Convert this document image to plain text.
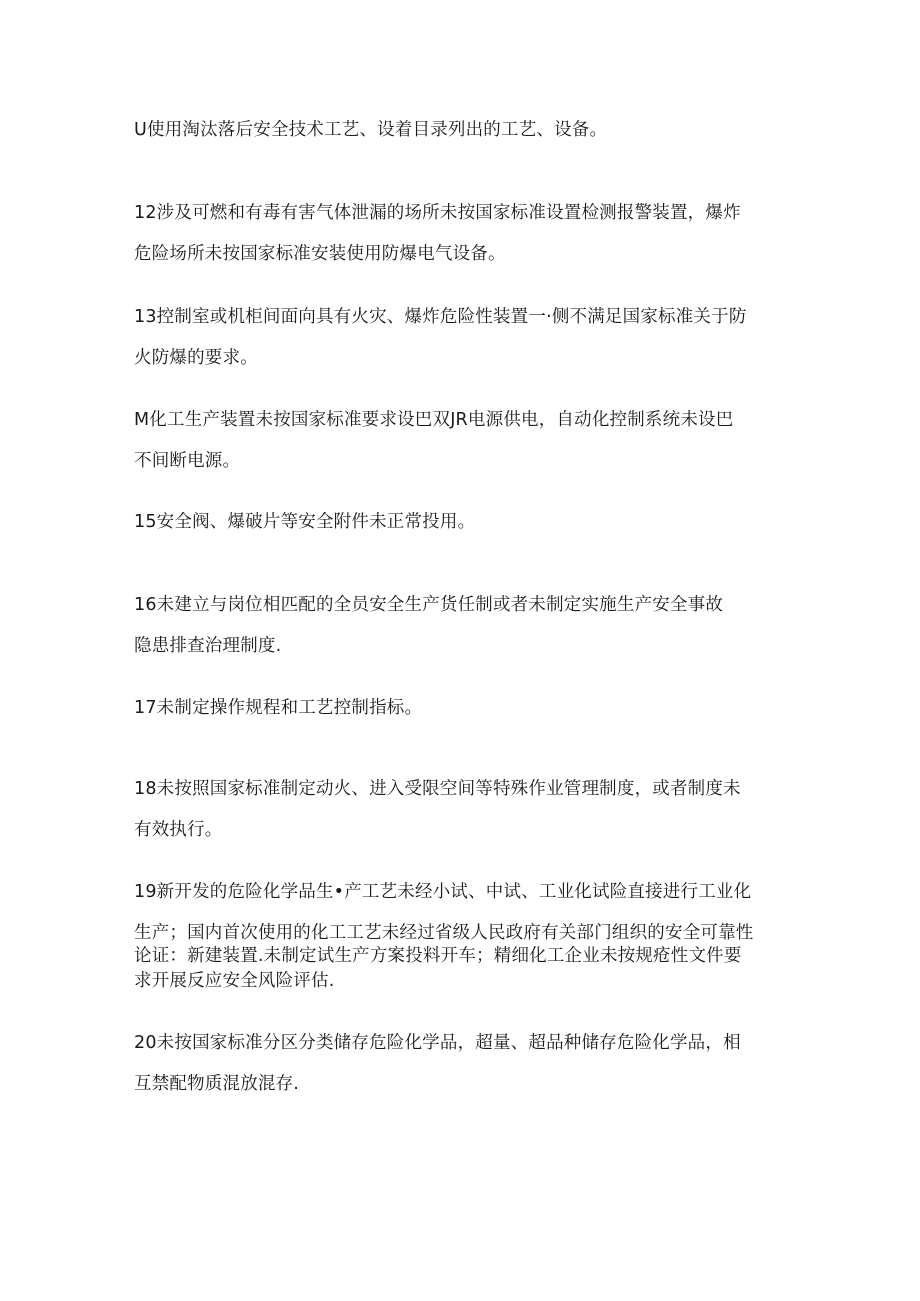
U使用淘汰落后安全技术工艺、设着目录列出的工艺、设备。
12涉及可燃和有毒有害气体泄漏的场所未按国家标准设置检测报警装置，爆炸
危险场所未按国家标准安装使用防爆电气设备。
13控制室或机柜间面向具有火灾、爆炸危险性装置一·侧不满足国家标准关于防
火防爆的要求。
M化工生产装置未按国家标准要求设巴双JR电源供电，自动化控制系统未设巴
不间断电源。
15安全阀、爆破片等安全附件未正常投用。
16未建立与岗位相匹配的全员安全生产货任制或者未制定实施生产安全事故
隐患排查治理制度.
17未制定操作规程和工艺控制指标。
18未按照国家标准制定动火、进入受限空间等特殊作业管理制度，或者制度未
有效执行。
19新开发的危险化学品生•产工艺未经小试、中试、工业化试险直接进行工业化
生产；国内首次使用的化工工艺未经过省级人民政府有关部门组织的安全可靠性
论证：新建装置.未制定试生产方案投料开车；精细化工企业未按规疮性文件要
求开展反应安全风险评估.
20未按国家标准分区分类储存危险化学品，超量、超品种储存危险化学品，相
互禁配物质混放混存.
